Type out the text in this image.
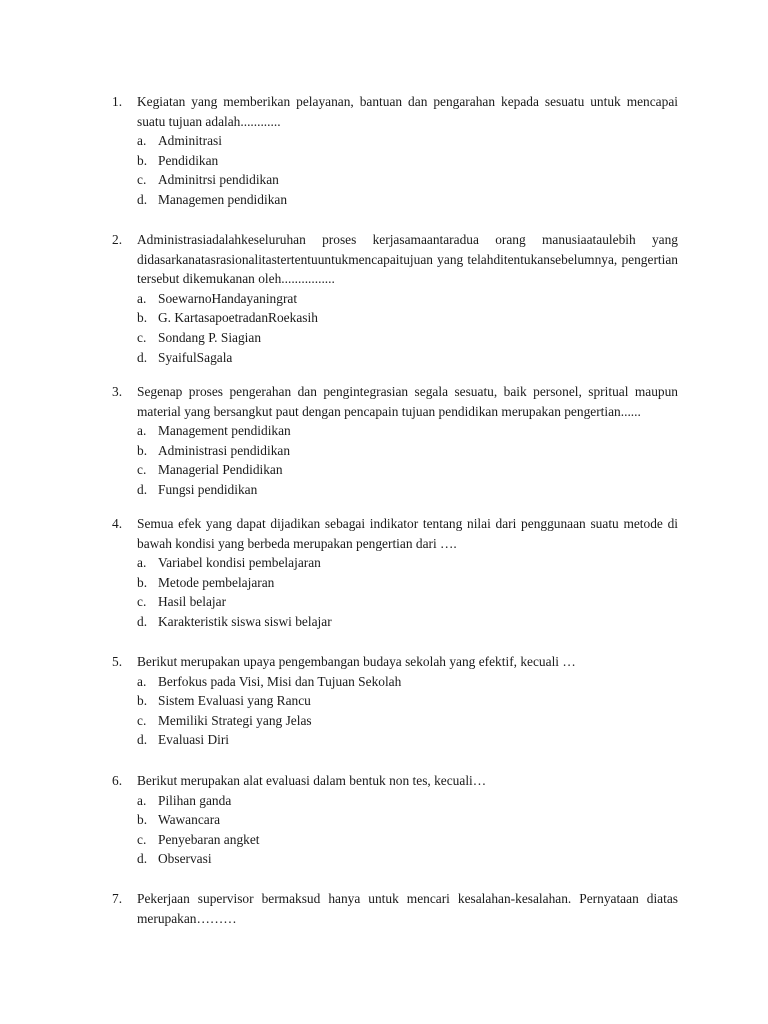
1. Kegiatan yang memberikan pelayanan, bantuan dan pengarahan kepada sesuatu untuk mencapai suatu tujuan adalah............
a. Adminitrasi
b. Pendidikan
c. Adminitrsi pendidikan
d. Managemen pendidikan
2. Administrasiadalahkeseluruhan proses kerjasamaantaradua orang manusiaataulebih yang didasarkanatasrasionalitastertentuuntukmencapaitujuan yang telahditentukansebelumnya, pengertian tersebut dikemukanan oleh................
a. SoewarnoHandayaningrat
b. G. KartasapoetradanRoekasih
c. Sondang P. Siagian
d. SyaifulSagala
3. Segenap proses pengerahan dan pengintegrasian segala sesuatu, baik personel, spritual maupun material yang bersangkut paut dengan pencapain tujuan pendidikan merupakan pengertian......
a. Management pendidikan
b. Administrasi pendidikan
c. Managerial Pendidikan
d. Fungsi pendidikan
4. Semua efek yang dapat dijadikan sebagai indikator tentang nilai dari penggunaan suatu metode di bawah kondisi yang berbeda merupakan pengertian dari ….
a. Variabel kondisi pembelajaran
b. Metode pembelajaran
c. Hasil belajar
d. Karakteristik siswa siswi belajar
5. Berikut merupakan upaya pengembangan budaya sekolah yang efektif, kecuali …
a. Berfokus pada Visi, Misi dan Tujuan Sekolah
b. Sistem Evaluasi yang Rancu
c. Memiliki Strategi yang Jelas
d. Evaluasi Diri
6. Berikut merupakan alat evaluasi dalam bentuk non tes, kecuali…
a. Pilihan ganda
b. Wawancara
c. Penyebaran angket
d. Observasi
7. Pekerjaan supervisor bermaksud hanya untuk mencari kesalahan-kesalahan. Pernyataan diatas merupakan………
